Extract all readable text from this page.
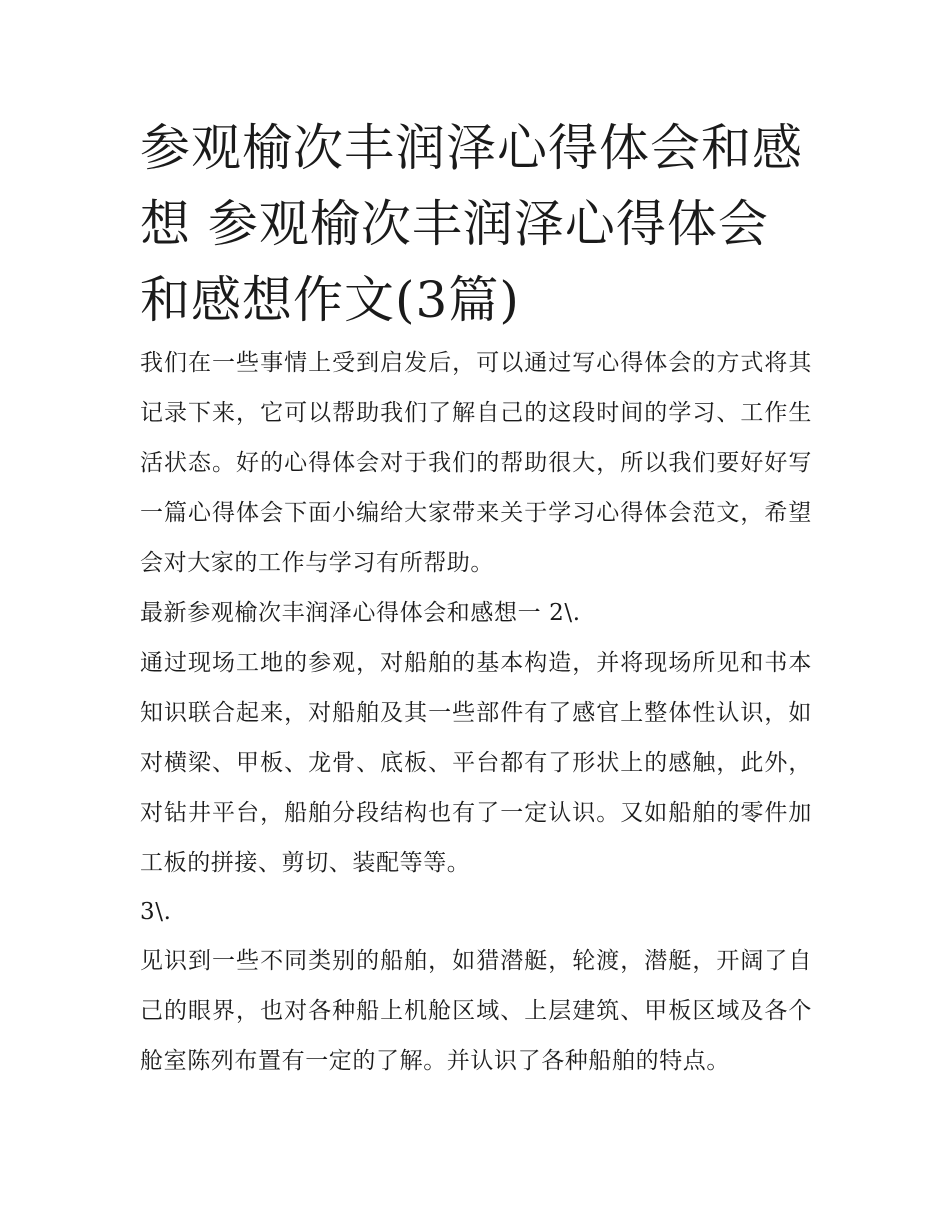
参观榆次丰润泽心得体会和感想 参观榆次丰润泽心得体会和感想作文(3篇)

我们在一些事情上受到启发后，可以通过写心得体会的方式将其记录下来，它可以帮助我们了解自己的这段时间的学习、工作生活状态。好的心得体会对于我们的帮助很大，所以我们要好好写一篇心得体会下面小编给大家带来关于学习心得体会范文，希望会对大家的工作与学习有所帮助。

最新参观榆次丰润泽心得体会和感想一 2\.

通过现场工地的参观，对船舶的基本构造，并将现场所见和书本知识联合起来，对船舶及其一些部件有了感官上整体性认识，如对横梁、甲板、龙骨、底板、平台都有了形状上的感触，此外，对钻井平台，船舶分段结构也有了一定认识。又如船舶的零件加工板的拼接、剪切、装配等等。

3\.

见识到一些不同类别的船舶，如猎潜艇，轮渡，潜艇，开阔了自己的眼界，也对各种船上机舱区域、上层建筑、甲板区域及各个舱室陈列布置有一定的了解。并认识了各种船舶的特点。
